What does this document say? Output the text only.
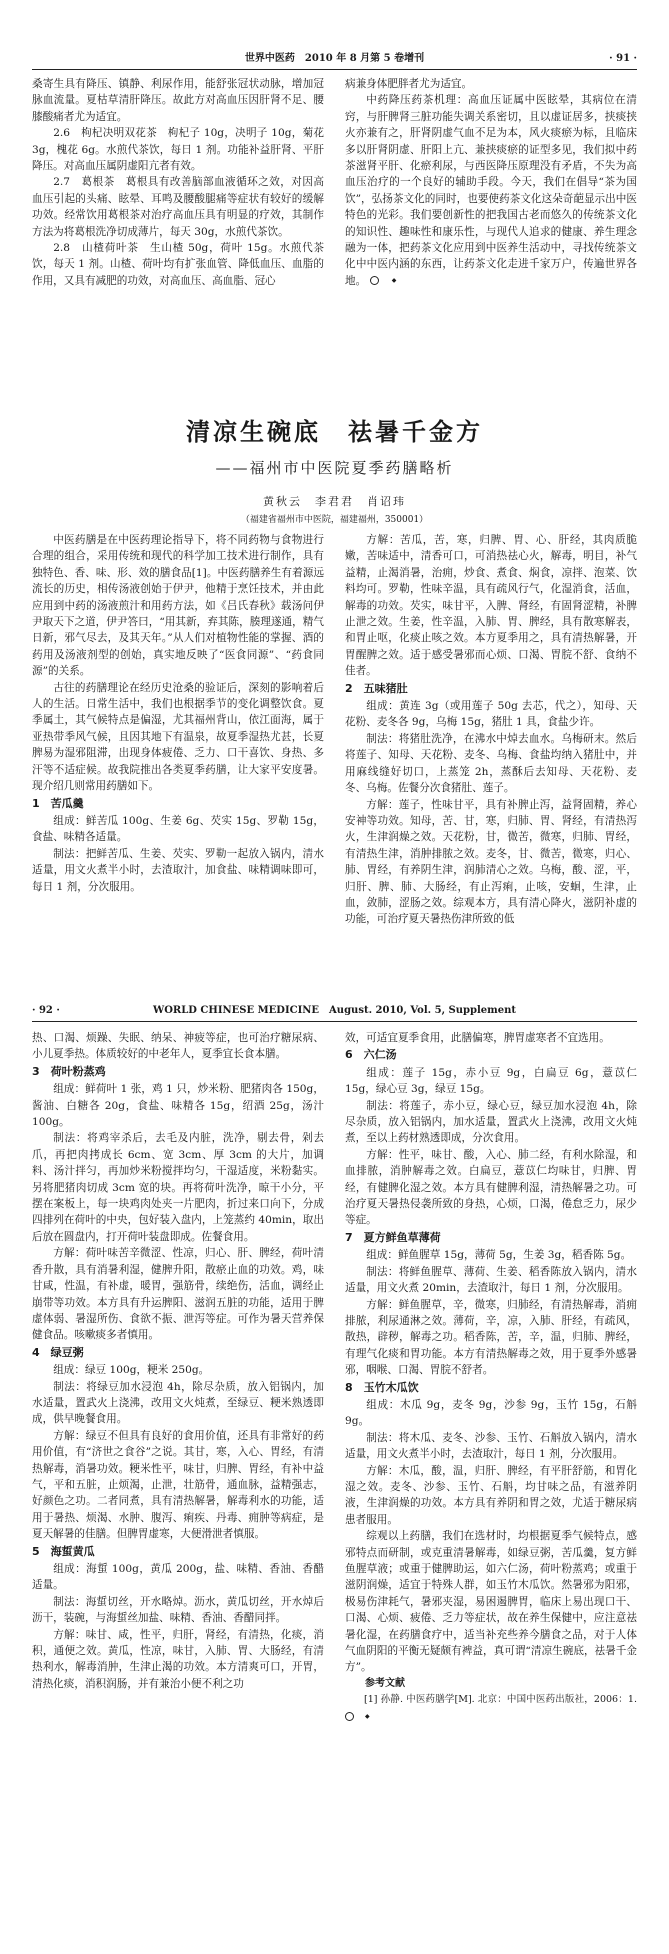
世界中医药　2010 年 8 月第 5 卷增刊	· 91 ·

桑寄生具有降压、镇静、利尿作用，能舒张冠状动脉，增加冠脉血流量。夏枯草清肝降压。故此方对高血压因肝肾不足、腰膝酸痛者尤为适宜。

2.6　枸杞决明双花茶　枸杞子 10g，决明子 10g，菊花 3g，槐花 6g。水煎代茶饮，每日 1 剂。功能补益肝肾、平肝降压。对高血压属阴虚阳亢者有效。

2.7　葛根茶　葛根具有改善脑部血液循环之效，对因高血压引起的头痛、眩晕、耳鸣及腰酸腿痛等症状有较好的缓解功效。经常饮用葛根茶对治疗高血压具有明显的疗效，其制作方法为将葛根洗净切成薄片，每天 30g，水煎代茶饮。

2.8　山楂荷叶茶　生山楂 50g，荷叶 15g。水煎代茶饮，每天 1 剂。山楂、荷叶均有扩张血管、降低血压、血脂的作用，又具有减肥的功效，对高血压、高血脂、冠心

病兼身体肥胖者尤为适宜。

中药降压药茶机理：高血压证属中医眩晕，其病位在清窍，与肝脾肾三脏功能失调关系密切，且以虚证居多，挟痰挟火亦兼有之，肝肾阴虚气血不足为本，风火痰瘀为标，且临床多以肝肾阴虚、肝阳上亢、兼挟痰瘀的证型多见，我们拟中药茶滋肾平肝、化瘀利尿，与西医降压原理没有矛盾，不失为高血压治疗的一个良好的辅助手段。今天，我们在倡导“茶为国饮”，弘扬茶文化的同时，也要使药茶文化这朵奇葩显示出中医特色的光彩。我们要创新性的把我国古老而悠久的传统茶文化的知识性、趣味性和康乐性，与现代人追求的健康、养生理念融为一体，把药茶文化应用到中医养生活动中，寻找传统茶文化中中医内涵的东西，让药茶文化走进千家万户，传遍世界各地。	◆

清凉生碗底　祛暑千金方
——福州市中医院夏季药膳略析
黄秋云　李君君　肖诏玮
（福建省福州市中医院，福建福州，350001）

中医药膳是在中医药理论指导下，将不同药物与食物进行合理的组合，采用传统和现代的科学加工技术进行制作，具有独特色、香、味、形、效的膳食品[1]。中医药膳养生有着源远流长的历史，相传汤液创始于伊尹，他精于烹饪技术，并由此应用到中药的汤液煎汁和用药方法，如《吕氏春秋》载汤问伊尹取天下之道，伊尹答曰，“用其新，弃其陈，腠理遂通，精气日新，邪气尽去，及其天年。”从人们对植物性能的掌握、酒的药用及汤液剂型的创始，真实地反映了“医食同源”、“药食同源”的关系。

古往的药膳理论在经历史沧桑的验证后，深刻的影响着后人的生活。日常生活中，我们也根据季节的变化调整饮食。夏季属土，其气候特点是偏湿，尤其福州背山，依江面海，属于亚热带季风气候，且因其地下有温泉，故夏季湿热尤甚，长夏脾易为湿邪阻滞，出现身体疲倦、乏力、口干喜饮、身热、多汗等不适症候。故我院推出各类夏季药膳，让大家平安度暑。现介绍几则常用药膳如下。

1　苦瓜羹

组成：鲜苦瓜 100g、生姜 6g、芡实 15g、罗勒 15g，食盐、味精各适量。

制法：把鲜苦瓜、生姜、芡实、罗勒一起放入锅内，清水适量，用文火煮半小时，去渣取汁，加食盐、味精调味即可，每日 1 剂，分次服用。

方解：苦瓜，苦，寒，归脾、胃、心、肝经，其肉质脆嫩，苦味适中，清香可口，可消热祛心火，解毒，明目，补气益精，止渴消暑，治痈，炒食、煮食、焖食，凉拌、泡菜、饮料均可。罗勒，性味辛温，具有疏风行气，化湿消食，活血，解毒的功效。芡实，味甘平，入脾、肾经，有固肾涩精，补脾止泄之效。生姜，性辛温，入肺、胃、脾经，具有散寒解表，和胃止呕，化痰止咳之效。本方夏季用之，具有清热解暑，开胃醒脾之效。适于感受暑邪而心烦、口渴、胃脘不舒、食纳不佳者。

2　五味猪肚

组成：黄连 3g（或用莲子 50g 去芯，代之），知母、天花粉、麦冬各 9g，乌梅 15g，猪肚 1 具，食盐少许。

制法：将猪肚洗净，在沸水中焯去血水。乌梅研末。然后将莲子、知母、天花粉、麦冬、乌梅、食盐均纳入猪肚中，并用麻线缝好切口，上蒸笼 2h，蒸酥后去知母、天花粉、麦冬、乌梅。佐餐分次食猪肚、莲子。

方解：莲子，性味甘平，具有补脾止泻，益肾固精，养心安神等功效。知母，苦、甘，寒，归肺、胃、肾经，有清热泻火，生津润燥之效。天花粉，甘，微苦，微寒，归肺、胃经，有清热生津，消肿排脓之效。麦冬，甘、微苦，微寒，归心、肺、胃经，有养阴生津，润肺清心之效。乌梅，酸、涩，平，归肝、脾、肺、大肠经，有止泻痢，止咳，安蛔，生津，止血，敛肺，涩肠之效。综观本方，具有清心降火，滋阴补虚的功能，可治疗夏天暑热伤津所致的低

· 92 ·	WORLD CHINESE MEDICINE　August. 2010, Vol. 5, Supplement

热、口渴、烦躁、失眠、纳呆、神疲等症，也可治疗糖尿病、小儿夏季热。体质较好的中老年人，夏季宜长食本膳。

3　荷叶粉蒸鸡

组成：鲜荷叶 1 张，鸡 1 只，炒米粉、肥猪肉各 150g，酱油、白糖各 20g，食盐、味精各 15g，绍酒 25g，汤汁 100g。

制法：将鸡宰杀后，去毛及内脏，洗净，剔去骨，剁去爪，再把肉拷成长 6cm、宽 3cm、厚 3cm 的大片，加调料、汤汁拌匀，再加炒米粉搅拌均匀，干湿适度，米粉黏实。另将肥猪肉切成 3cm 宽的块。再将荷叶洗净，晾干小分，平摆在案板上，每一块鸡肉处夹一片肥肉，折过来口向下，分成四排列在荷叶的中央，包好装入盘内，上笼蒸约 40min，取出后放在圆盘内，打开荷叶装盘即成。佐餐食用。

方解：荷叶味苦辛微涩、性凉，归心、肝、脾经，荷叶清香升散，具有消暑利湿，健脾升阳，散瘀止血的功效。鸡，味甘咸，性温，有补虚，暖胃，强筋骨，续绝伤，活血，调经止崩带等功效。本方具有升运脾阳、滋润五脏的功能，适用于脾虚体弱、暑湿所伤、食欲不振、泄泻等症。可作为暑天营养保健食品。咳嗽痰多者慎用。

4　绿豆粥

组成：绿豆 100g，粳米 250g。

制法：将绿豆加水浸泡 4h，除尽杂质，放入铝锅内，加水适量，置武火上浇沸，改用文火炖煮，至绿豆、粳米熟透即成，供早晚餐食用。

方解：绿豆不但具有良好的食用价值，还具有非常好的药用价值，有“济世之食谷”之说。其甘，寒，入心、胃经，有清热解毒，消暑功效。粳米性平，味甘，归脾、胃经，有补中益气，平和五脏，止烦渴，止泄，壮筋骨，通血脉，益精强志，好颜色之功。二者同煮，具有清热解暑，解毒利水的功能，适用于暑热、烦渴、水肿、腹泻、痢疾、丹毒、痈肿等病症，是夏天解暑的佳膳。但脾胃虚寒，大便滑泄者慎服。

5　海蜇黄瓜

组成：海蜇 100g，黄瓜 200g，盐、味精、香油、香醋适量。

制法：海蜇切丝，开水略焯。沥水，黄瓜切丝，开水焯后沥干，装碗，与海蜇丝加盐、味精、香油、香醋同拌。

方解：味甘、咸，性平，归肝，肾经，有清热，化痰，消积，通便之效。黄瓜，性凉，味甘，入肺、胃、大肠经，有清热利水，解毒消肿，生津止渴的功效。本方清爽可口，开胃，清热化痰，消积润肠，并有兼治小便不利之功

效，可适宜夏季食用，此膳偏寒，脾胃虚寒者不宜选用。

6　六仁汤

组成：莲子 15g，赤小豆 9g，白扁豆 6g，薏苡仁 15g，绿心豆 3g，绿豆 15g。

制法：将莲子，赤小豆，绿心豆，绿豆加水浸泡 4h，除尽杂质，放入铝锅内，加水适量，置武火上浇沸，改用文火炖煮，至以上药材熟透即成，分次食用。

方解：性平，味甘、酸，入心、肺二经，有利水除湿，和血排脓，消肿解毒之效。白扁豆，薏苡仁均味甘，归脾、胃经，有健脾化湿之效。本方具有健脾利湿，清热解暑之功。可治疗夏天暑热侵袭所致的身热，心烦，口渴，倦怠乏力，尿少等症。

7　夏方鲜鱼草薄荷

组成：鲜鱼腥草 15g，薄荷 5g，生姜 3g，稻香陈 5g。

制法：将鲜鱼腥草、薄荷、生姜、稻香陈放入锅内，清水适量，用文火煮 20min，去渣取汁，每日 1 剂，分次服用。

方解：鲜鱼腥草，辛，微寒，归肺经，有清热解毒，消痈排脓，利尿通淋之效。薄荷，辛，凉，入肺、肝经，有疏风，散热，辟秽，解毒之功。稻香陈，苦，辛，温，归肺、脾经，有理气化痰和胃功能。本方有清热解毒之效，用于夏季外感暑邪，咽喉、口渴、胃脘不舒者。

8　玉竹木瓜饮

组成：木瓜 9g，麦冬 9g，沙参 9g，玉竹 15g，石斛 9g。

制法：将木瓜、麦冬、沙参、玉竹、石斛放入锅内，清水适量，用文火煮半小时，去渣取汁，每日 1 剂，分次服用。

方解：木瓜，酸，温，归肝、脾经，有平肝舒筋，和胃化湿之效。麦冬、沙参、玉竹、石斛，均甘味之品，有滋养阴液，生津润燥的功效。本方具有养阴和胃之效，尤适于糖尿病患者服用。

综观以上药膳，我们在选材时，均根据夏季气候特点，感邪特点而研制，或克重清暑解毒，如绿豆粥，苦瓜羹，复方鲜鱼腥草液；或重于健脾助运，如六仁汤，荷叶粉蒸鸡；或重于滋阴润燥，适宜于特殊人群，如玉竹木瓜饮。然暑邪为阳邪，极易伤津耗气，暑邪夹湿，易困遏脾胃，临床上易出现口干、口渴、心烦、疲倦、乏力等症状，故在养生保健中，应注意祛暑化湿，在药膳食疗中，适当补充些养今膳食之品，对于人体气血阴阳的平衡无疑颇有裨益，真可谓“清凉生碗底，祛暑千金方”。

参考文献

[1] 孙静. 中医药膳学[M]. 北京：中国中医药出版社，2006：1. ◆
